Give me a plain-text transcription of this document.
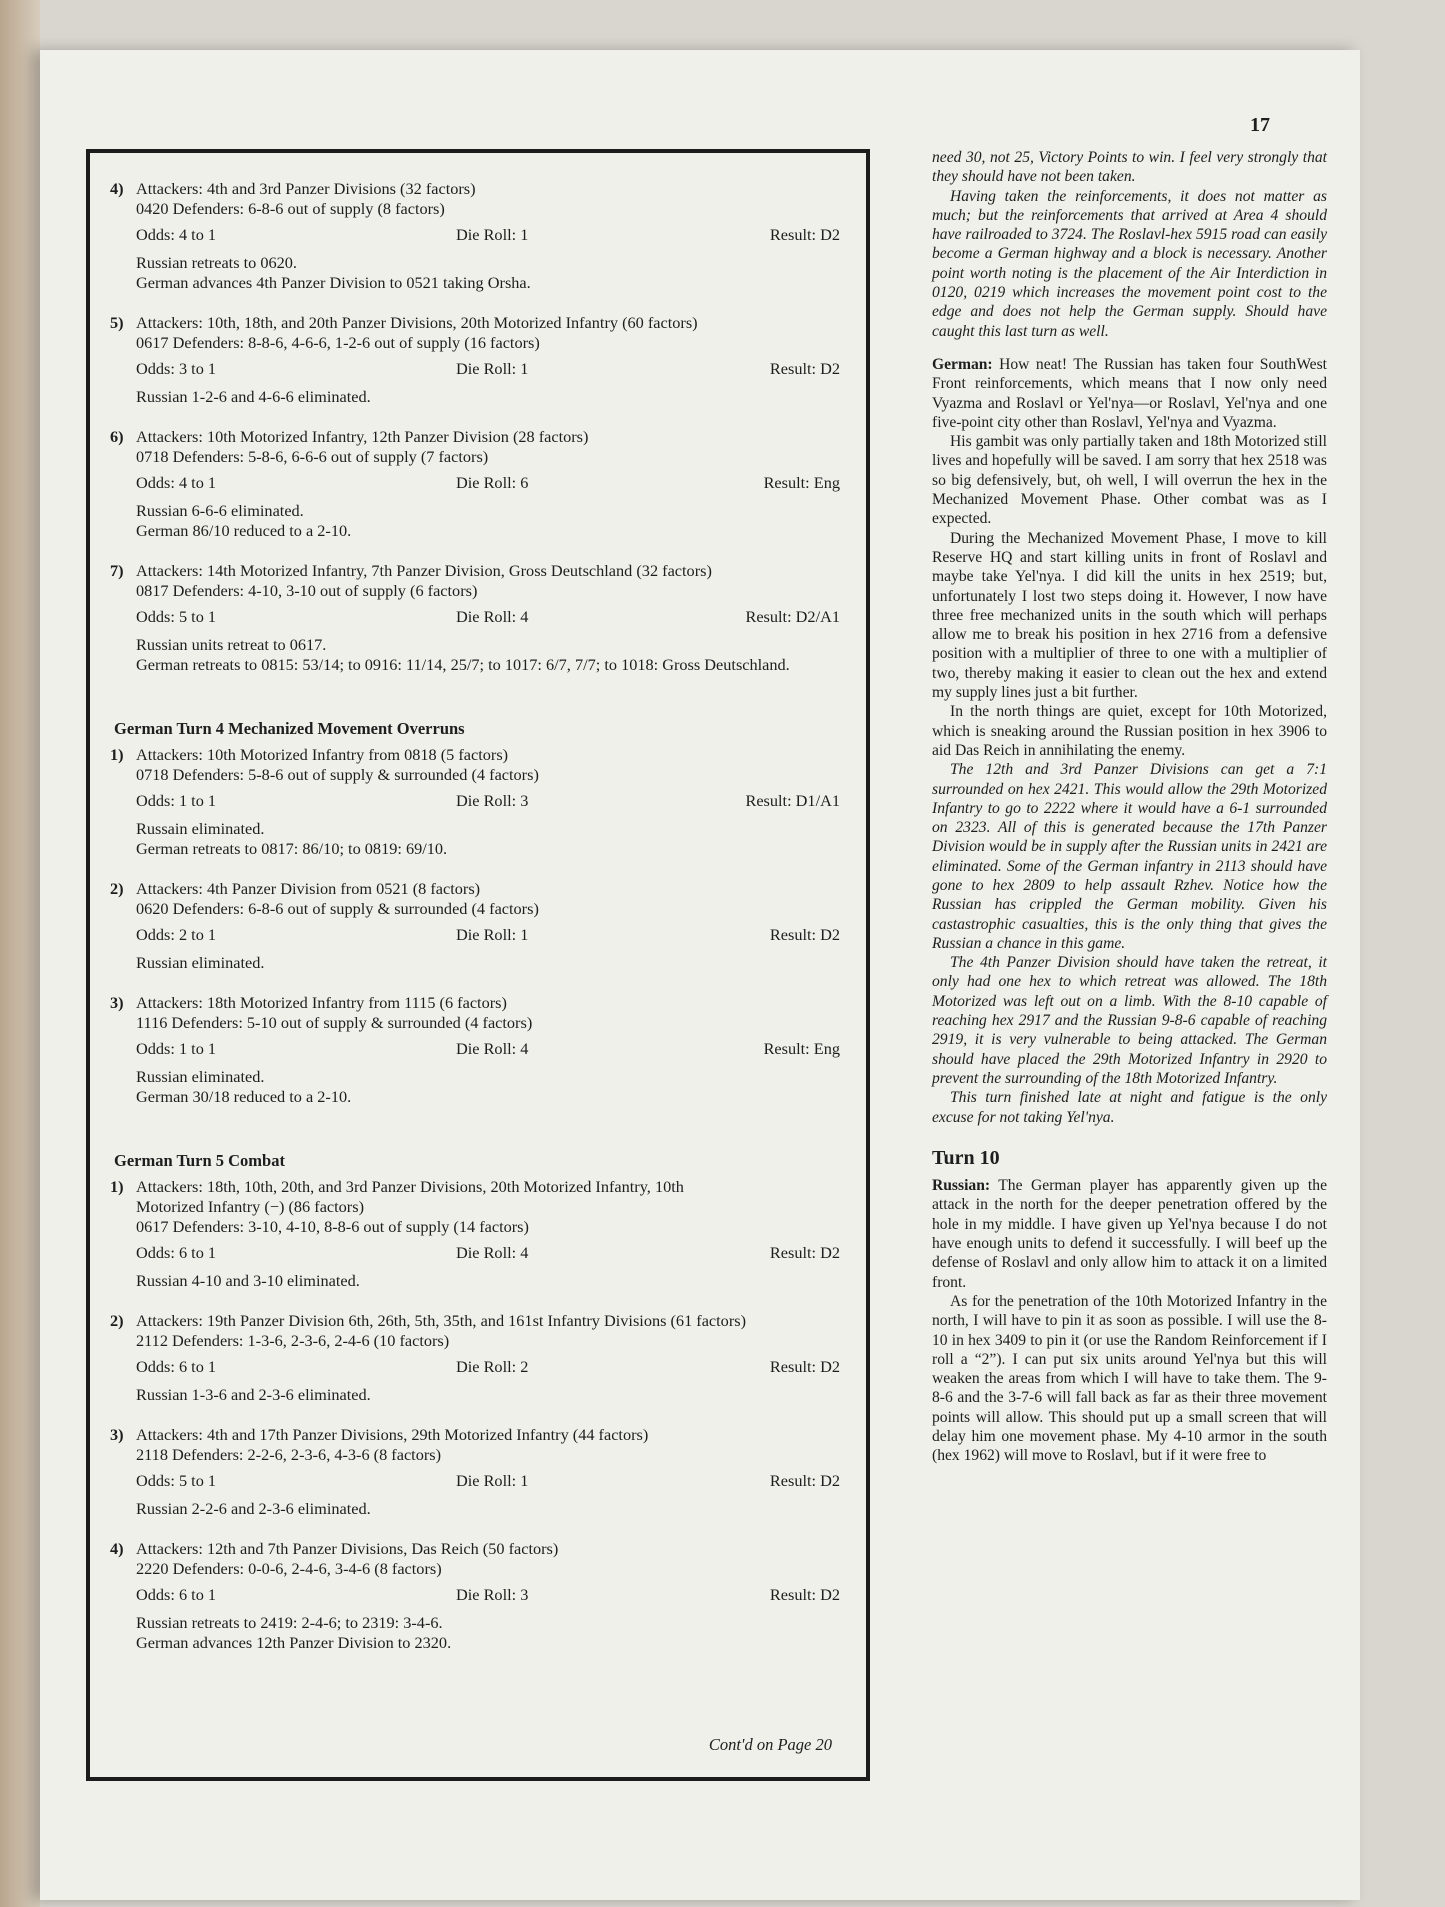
17
4) Attackers: 4th and 3rd Panzer Divisions (32 factors)
0420 Defenders: 6-8-6 out of supply (8 factors)
Odds: 4 to 1	Die Roll: 1	Result: D2
Russian retreats to 0620.
German advances 4th Panzer Division to 0521 taking Orsha.
5) Attackers: 10th, 18th, and 20th Panzer Divisions, 20th Motorized Infantry (60 factors)
0617 Defenders: 8-8-6, 4-6-6, 1-2-6 out of supply (16 factors)
Odds: 3 to 1	Die Roll: 1	Result: D2
Russian 1-2-6 and 4-6-6 eliminated.
6) Attackers: 10th Motorized Infantry, 12th Panzer Division (28 factors)
0718 Defenders: 5-8-6, 6-6-6 out of supply (7 factors)
Odds: 4 to 1	Die Roll: 6	Result: Eng
Russian 6-6-6 eliminated.
German 86/10 reduced to a 2-10.
7) Attackers: 14th Motorized Infantry, 7th Panzer Division, Gross Deutschland (32 factors)
0817 Defenders: 4-10, 3-10 out of supply (6 factors)
Odds: 5 to 1	Die Roll: 4	Result: D2/A1
Russian units retreat to 0617.
German retreats to 0815: 53/14; to 0916: 11/14, 25/7; to 1017: 6/7, 7/7; to 1018: Gross Deutschland.
German Turn 4 Mechanized Movement Overruns
1) Attackers: 10th Motorized Infantry from 0818 (5 factors)
0718 Defenders: 5-8-6 out of supply & surrounded (4 factors)
Odds: 1 to 1	Die Roll: 3	Result: D1/A1
Russain eliminated.
German retreats to 0817: 86/10; to 0819: 69/10.
2) Attackers: 4th Panzer Division from 0521 (8 factors)
0620 Defenders: 6-8-6 out of supply & surrounded (4 factors)
Odds: 2 to 1	Die Roll: 1	Result: D2
Russian eliminated.
3) Attackers: 18th Motorized Infantry from 1115 (6 factors)
1116 Defenders: 5-10 out of supply & surrounded (4 factors)
Odds: 1 to 1	Die Roll: 4	Result: Eng
Russian eliminated.
German 30/18 reduced to a 2-10.
German Turn 5 Combat
1) Attackers: 18th, 10th, 20th, and 3rd Panzer Divisions, 20th Motorized Infantry, 10th
Motorized Infantry (−) (86 factors)
0617 Defenders: 3-10, 4-10, 8-8-6 out of supply (14 factors)
Odds: 6 to 1	Die Roll: 4	Result: D2
Russian 4-10 and 3-10 eliminated.
2) Attackers: 19th Panzer Division 6th, 26th, 5th, 35th, and 161st Infantry Divisions (61 factors)
2112 Defenders: 1-3-6, 2-3-6, 2-4-6 (10 factors)
Odds: 6 to 1	Die Roll: 2	Result: D2
Russian 1-3-6 and 2-3-6 eliminated.
3) Attackers: 4th and 17th Panzer Divisions, 29th Motorized Infantry (44 factors)
2118 Defenders: 2-2-6, 2-3-6, 4-3-6 (8 factors)
Odds: 5 to 1	Die Roll: 1	Result: D2
Russian 2-2-6 and 2-3-6 eliminated.
4) Attackers: 12th and 7th Panzer Divisions, Das Reich (50 factors)
2220 Defenders: 0-0-6, 2-4-6, 3-4-6 (8 factors)
Odds: 6 to 1	Die Roll: 3	Result: D2
Russian retreats to 2419: 2-4-6; to 2319: 3-4-6.
German advances 12th Panzer Division to 2320.
Cont'd on Page 20

need 30, not 25, Victory Points to win. I feel very strongly that they should have not been taken.

Having taken the reinforcements, it does not matter as much; but the reinforcements that arrived at Area 4 should have railroaded to 3724. The Roslavl-hex 5915 road can easily become a German highway and a block is necessary. Another point worth noting is the placement of the Air Interdiction in 0120, 0219 which increases the movement point cost to the edge and does not help the German supply. Should have caught this last turn as well.

German: How neat! The Russian has taken four SouthWest Front reinforcements, which means that I now only need Vyazma and Roslavl or Yel'nya—or Roslavl, Yel'nya and one five-point city other than Roslavl, Yel'nya and Vyazma.

His gambit was only partially taken and 18th Motorized still lives and hopefully will be saved. I am sorry that hex 2518 was so big defensively, but, oh well, I will overrun the hex in the Mechanized Movement Phase. Other combat was as I expected.

During the Mechanized Movement Phase, I move to kill Reserve HQ and start killing units in front of Roslavl and maybe take Yel'nya. I did kill the units in hex 2519; but, unfortunately I lost two steps doing it. However, I now have three free mechanized units in the south which will perhaps allow me to break his position in hex 2716 from a defensive position with a multiplier of three to one with a multiplier of two, thereby making it easier to clean out the hex and extend my supply lines just a bit further.

In the north things are quiet, except for 10th Motorized, which is sneaking around the Russian position in hex 3906 to aid Das Reich in annihilating the enemy.

The 12th and 3rd Panzer Divisions can get a 7:1 surrounded on hex 2421. This would allow the 29th Motorized Infantry to go to 2222 where it would have a 6-1 surrounded on 2323. All of this is generated because the 17th Panzer Division would be in supply after the Russian units in 2421 are eliminated. Some of the German infantry in 2113 should have gone to hex 2809 to help assault Rzhev. Notice how the Russian has crippled the German mobility. Given his castastrophic casualties, this is the only thing that gives the Russian a chance in this game.

The 4th Panzer Division should have taken the retreat, it only had one hex to which retreat was allowed. The 18th Motorized was left out on a limb. With the 8-10 capable of reaching hex 2917 and the Russian 9-8-6 capable of reaching 2919, it is very vulnerable to being attacked. The German should have placed the 29th Motorized Infantry in 2920 to prevent the surrounding of the 18th Motorized Infantry.

This turn finished late at night and fatigue is the only excuse for not taking Yel'nya.

Turn 10

Russian: The German player has apparently given up the attack in the north for the deeper penetration offered by the hole in my middle. I have given up Yel'nya because I do not have enough units to defend it successfully. I will beef up the defense of Roslavl and only allow him to attack it on a limited front.

As for the penetration of the 10th Motorized Infantry in the north, I will have to pin it as soon as possible. I will use the 8-10 in hex 3409 to pin it (or use the Random Reinforcement if I roll a “2”). I can put six units around Yel'nya but this will weaken the areas from which I will have to take them. The 9-8-6 and the 3-7-6 will fall back as far as their three movement points will allow. This should put up a small screen that will delay him one movement phase. My 4-10 armor in the south (hex 1962) will move to Roslavl, but if it were free to
